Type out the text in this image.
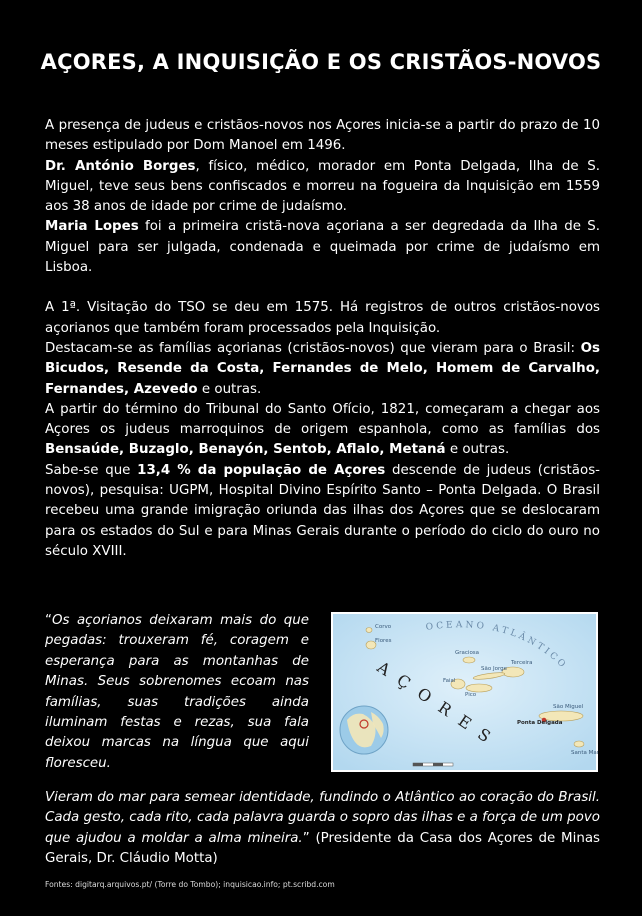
AÇORES, A INQUISIÇÃO E OS CRISTÃOS-NOVOS

A presença de judeus e cristãos-novos nos Açores inicia-se a partir do prazo de 10 meses estipulado por Dom Manoel em 1496.

Dr. António Borges, físico, médico, morador em Ponta Delgada, Ilha de S. Miguel, teve seus bens confiscados e morreu na fogueira da Inquisição em 1559 aos 38 anos de idade por crime de judaísmo.

Maria Lopes foi a primeira cristã-nova açoriana a ser degredada da Ilha de S. Miguel para ser julgada, condenada e queimada por crime de judaísmo em Lisboa.

A 1ª. Visitação do TSO se deu em 1575. Há registros de outros cristãos-novos açorianos que também foram processados pela Inquisição.

Destacam-se as famílias açorianas (cristãos-novos) que vieram para o Brasil: Os Bicudos, Resende da Costa, Fernandes de Melo, Homem de Carvalho, Fernandes, Azevedo e outras.

A partir do término do Tribunal do Santo Ofício, 1821, começaram a chegar aos Açores os judeus marroquinos de origem espanhola, como as famílias dos Bensaúde, Buzaglo, Benayón, Sentob, Aflalo, Metaná e outras.

Sabe-se que 13,4 % da população de Açores descende de judeus (cristãos-novos), pesquisa: UGPM, Hospital Divino Espírito Santo – Ponta Delgada. O Brasil recebeu uma grande imigração oriunda das ilhas dos Açores que se deslocaram para os estados do Sul e para Minas Gerais durante o período do ciclo do ouro no século XVIII.

“Os açorianos deixaram mais do que pegadas: trouxeram fé, coragem e esperança para as montanhas de Minas. Seus sobrenomes ecoam nas famílias, suas tradições ainda iluminam festas e rezas, sua fala deixou marcas na língua que aqui floresceu.
OCEANO ATLÂNTICO
AÇORES
Corvo
Flores
Graciosa
Terceira
Faial
Pico
São Jorge
São Miguel
Ponta Delgada
Santa Ma
Vieram do mar para semear identidade, fundindo o Atlântico ao coração do Brasil. Cada gesto, cada rito, cada palavra guarda o sopro das ilhas e a força de um povo que ajudou a moldar a alma mineira.” (Presidente da Casa dos Açores de Minas Gerais, Dr. Cláudio Motta)
Fontes: digitarq.arquivos.pt/ (Torre do Tombo); inquisicao.info; pt.scribd.com
